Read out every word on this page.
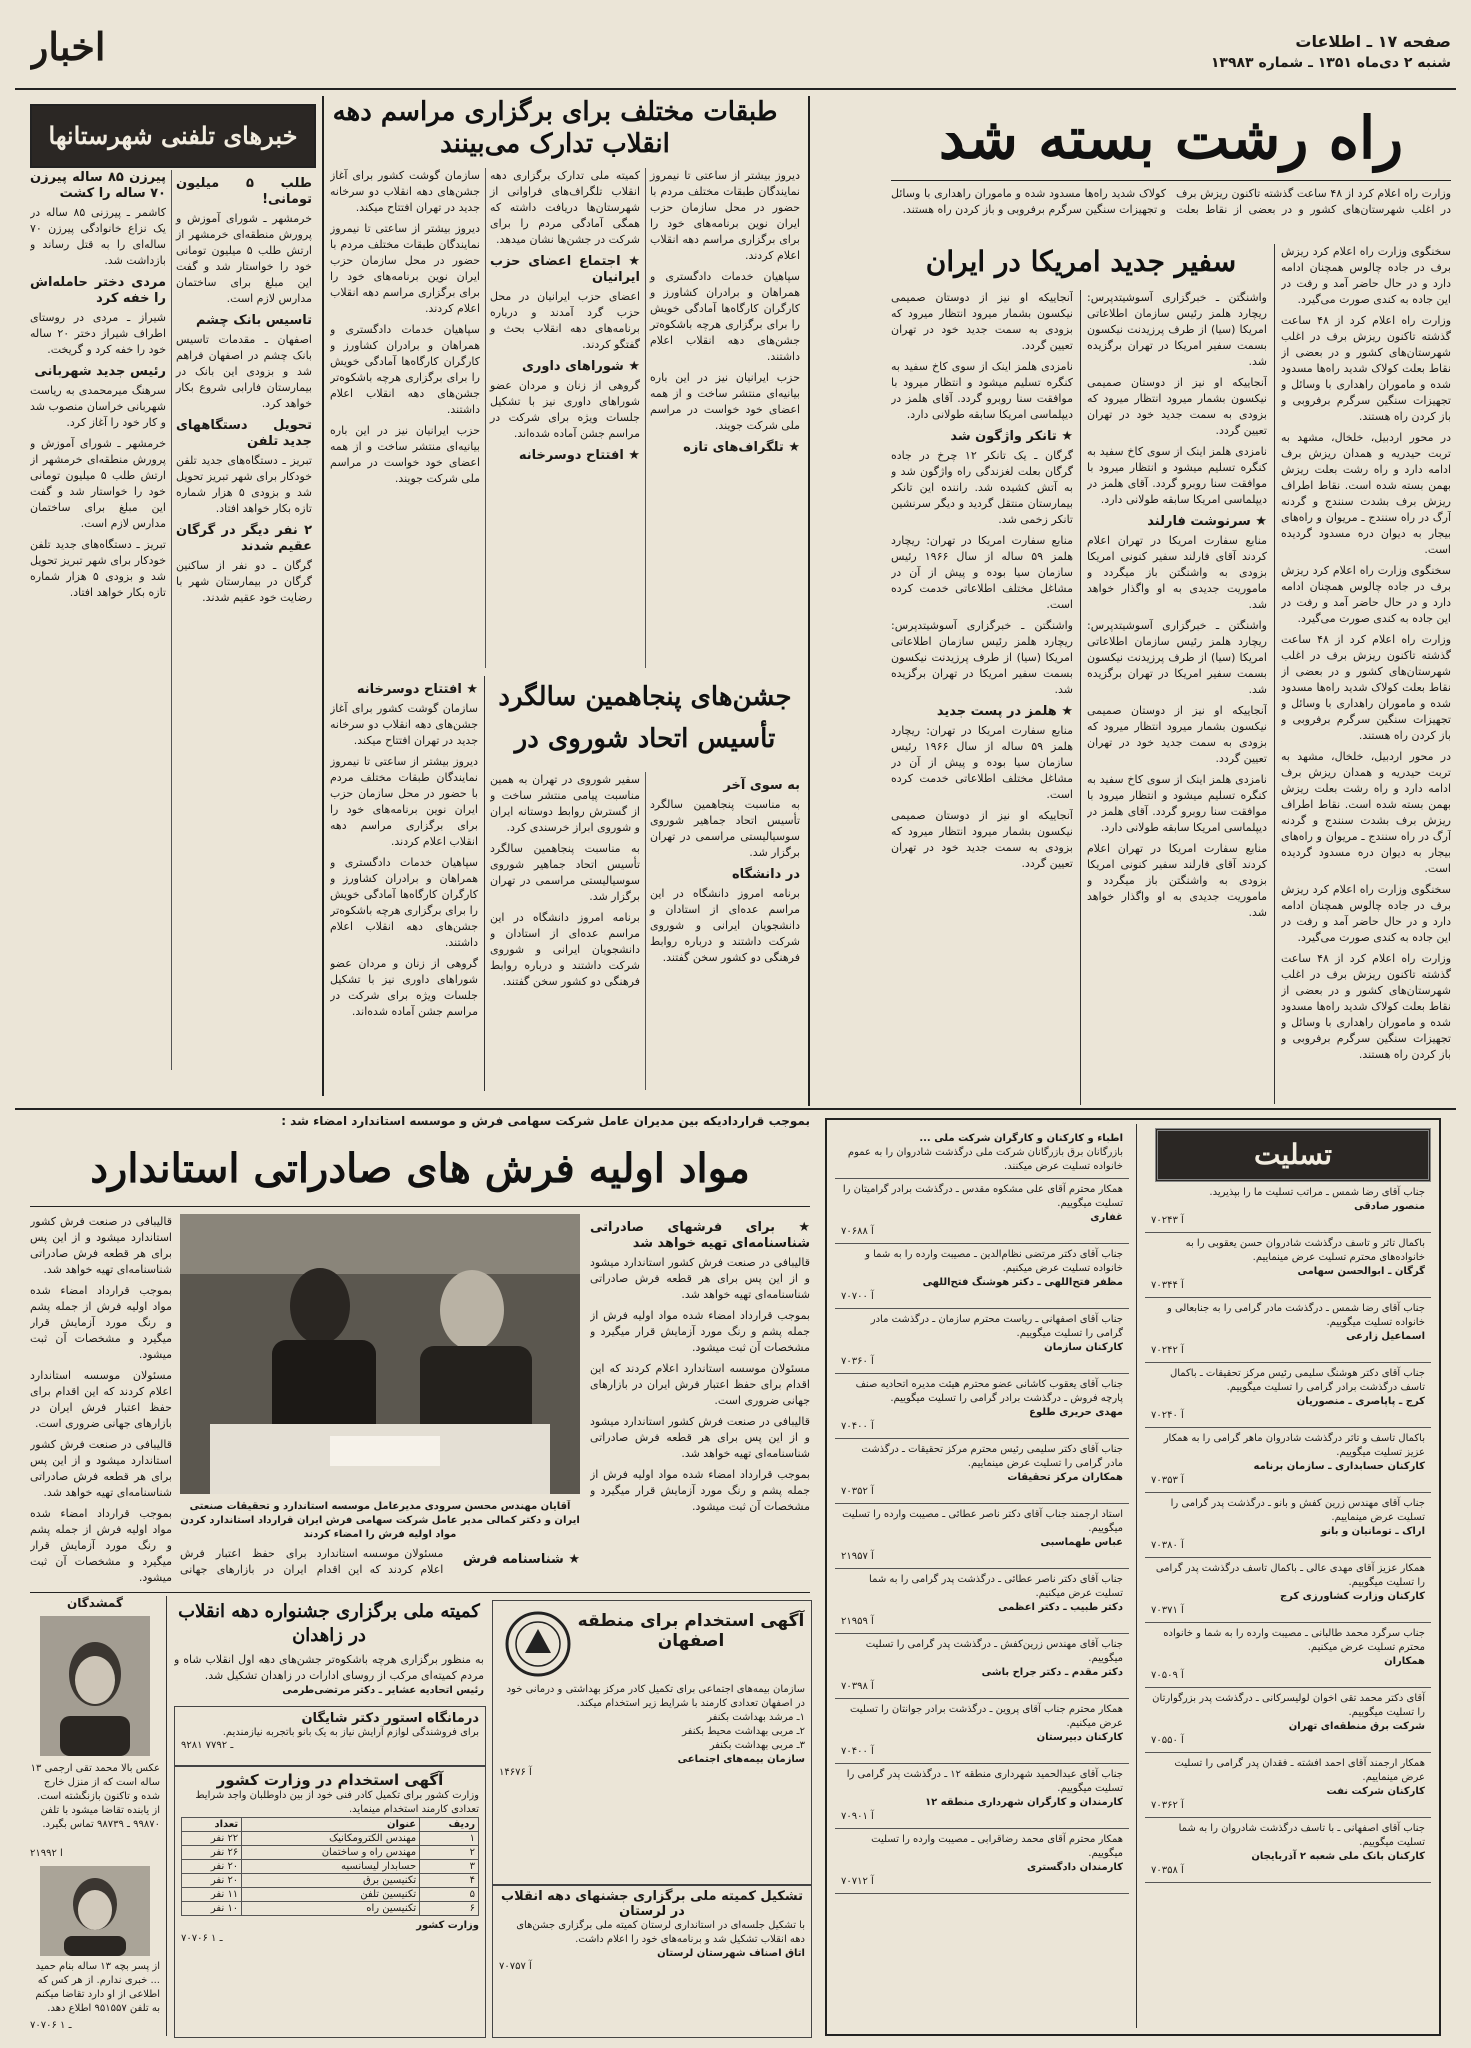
صفحه ۱۷ ـ اطلاعات
شنبه ۲ دی‌ماه ۱۳۵۱ ـ شماره ۱۳۹۸۳
اخبار
راه رشت بسته شد

وزارت راه اعلام کرد از ۴۸ ساعت گذشته تاکنون ریزش برف در اغلب شهرستان‌های کشور و در بعضی از نقاط بعلت کولاک شدید راه‌ها مسدود شده و ماموران راهداری با وسائل و تجهیزات سنگین سرگرم برفروبی و باز کردن راه هستند.

سفیر جدید امریکا در ایران	سخنگوی وزارت راه اعلام کرد ریزش برف در جاده چالوس همچنان ادامه دارد و در حال حاضر آمد و رفت در این جاده به کندی صورت می‌گیرد.

وزارت راه اعلام کرد از ۴۸ ساعت گذشته تاکنون ریزش برف در اغلب شهرستان‌های کشور و در بعضی از نقاط بعلت کولاک شدید راه‌ها مسدود شده و ماموران راهداری با وسائل و تجهیزات سنگین سرگرم برفروبی و باز کردن راه هستند.

در محور اردبیل، خلخال، مشهد به تربت حیدریه و همدان ریزش برف ادامه دارد و راه رشت بعلت ریزش بهمن بسته شده است. نقاط اطراف ریزش برف بشدت سنندج و گردنه آرگ در راه سنندج ـ مریوان و راه‌های بیجار به دیوان دره مسدود گردیده است.

سخنگوی وزارت راه اعلام کرد ریزش برف در جاده چالوس همچنان ادامه دارد و در حال حاضر آمد و رفت در این جاده به کندی صورت می‌گیرد.

وزارت راه اعلام کرد از ۴۸ ساعت گذشته تاکنون ریزش برف در اغلب شهرستان‌های کشور و در بعضی از نقاط بعلت کولاک شدید راه‌ها مسدود شده و ماموران راهداری با وسائل و تجهیزات سنگین سرگرم برفروبی و باز کردن راه هستند.

در محور اردبیل، خلخال، مشهد به تربت حیدریه و همدان ریزش برف ادامه دارد و راه رشت بعلت ریزش بهمن بسته شده است. نقاط اطراف ریزش برف بشدت سنندج و گردنه آرگ در راه سنندج ـ مریوان و راه‌های بیجار به دیوان دره مسدود گردیده است.

سخنگوی وزارت راه اعلام کرد ریزش برف در جاده چالوس همچنان ادامه دارد و در حال حاضر آمد و رفت در این جاده به کندی صورت می‌گیرد.

وزارت راه اعلام کرد از ۴۸ ساعت گذشته تاکنون ریزش برف در اغلب شهرستان‌های کشور و در بعضی از نقاط بعلت کولاک شدید راه‌ها مسدود شده و ماموران راهداری با وسائل و تجهیزات سنگین سرگرم برفروبی و باز کردن راه هستند.

واشنگتن ـ خبرگزاری آسوشیتدپرس: ریچارد هلمز رئیس سازمان اطلاعاتی امریکا (سیا) از طرف پرزیدنت نیکسون بسمت سفیر امریکا در تهران برگزیده شد.

آنجاییکه او نیز از دوستان صمیمی نیکسون بشمار میرود انتظار میرود که بزودی به سمت جدید خود در تهران تعیین گردد.

نامزدی هلمز اینک از سوی کاخ سفید به کنگره تسلیم میشود و انتظار میرود با موافقت سنا روبرو گردد. آقای هلمز در دیپلماسی امریکا سابقه طولانی دارد.

★ سرنوشت فارلند

منابع سفارت امریکا در تهران اعلام کردند آقای فارلند سفیر کنونی امریکا بزودی به واشنگتن باز میگردد و ماموریت جدیدی به او واگذار خواهد شد.

واشنگتن ـ خبرگزاری آسوشیتدپرس: ریچارد هلمز رئیس سازمان اطلاعاتی امریکا (سیا) از طرف پرزیدنت نیکسون بسمت سفیر امریکا در تهران برگزیده شد.

آنجاییکه او نیز از دوستان صمیمی نیکسون بشمار میرود انتظار میرود که بزودی به سمت جدید خود در تهران تعیین گردد.

نامزدی هلمز اینک از سوی کاخ سفید به کنگره تسلیم میشود و انتظار میرود با موافقت سنا روبرو گردد. آقای هلمز در دیپلماسی امریکا سابقه طولانی دارد.

منابع سفارت امریکا در تهران اعلام کردند آقای فارلند سفیر کنونی امریکا بزودی به واشنگتن باز میگردد و ماموریت جدیدی به او واگذار خواهد شد.

آنجاییکه او نیز از دوستان صمیمی نیکسون بشمار میرود انتظار میرود که بزودی به سمت جدید خود در تهران تعیین گردد.

نامزدی هلمز اینک از سوی کاخ سفید به کنگره تسلیم میشود و انتظار میرود با موافقت سنا روبرو گردد. آقای هلمز در دیپلماسی امریکا سابقه طولانی دارد.

★ تانکر واژگون شد

گرگان ـ یک تانکر ۱۲ چرخ در جاده گرگان بعلت لغزندگی راه واژگون شد و به آتش کشیده شد. راننده این تانکر بیمارستان منتقل گردید و دیگر سرنشین تانکر زخمی شد.

منابع سفارت امریکا در تهران: ریچارد هلمز ۵۹ ساله از سال ۱۹۶۶ رئیس سازمان سیا بوده و پیش از آن در مشاغل مختلف اطلاعاتی خدمت کرده است.

واشنگتن ـ خبرگزاری آسوشیتدپرس: ریچارد هلمز رئیس سازمان اطلاعاتی امریکا (سیا) از طرف پرزیدنت نیکسون بسمت سفیر امریکا در تهران برگزیده شد.

★ هلمز در پست جدید

منابع سفارت امریکا در تهران: ریچارد هلمز ۵۹ ساله از سال ۱۹۶۶ رئیس سازمان سیا بوده و پیش از آن در مشاغل مختلف اطلاعاتی خدمت کرده است.

آنجاییکه او نیز از دوستان صمیمی نیکسون بشمار میرود انتظار میرود که بزودی به سمت جدید خود در تهران تعیین گردد.

طبقات مختلف برای برگزاری مراسم دهه انقلاب تدارک می‌بینند

دیروز بیشتر از ساعتی تا نیمروز نمایندگان طبقات مختلف مردم با حضور در محل سازمان حزب ایران نوین برنامه‌های خود را برای برگزاری مراسم دهه انقلاب اعلام کردند.

سپاهیان خدمات دادگستری و همراهان و برادران کشاورز و کارگران کارگاه‌ها آمادگی خویش را برای برگزاری هرچه باشکوه‌تر جشن‌های دهه انقلاب اعلام داشتند.

حزب ایرانیان نیز در این باره بیانیه‌ای منتشر ساخت و از همه اعضای خود خواست در مراسم ملی شرکت جویند.

★ تلگراف‌های تازه

کمیته ملی تدارک برگزاری دهه انقلاب تلگراف‌های فراوانی از شهرستان‌ها دریافت داشته که همگی آمادگی مردم را برای شرکت در جشن‌ها نشان میدهد.

★ اجتماع اعضای حزب ایرانیان

اعضای حزب ایرانیان در محل حزب گرد آمدند و درباره برنامه‌های دهه انقلاب بحث و گفتگو کردند.

★ شوراهای داوری

گروهی از زنان و مردان عضو شوراهای داوری نیز با تشکیل جلسات ویژه برای شرکت در مراسم جشن آماده شده‌اند.

★ افتتاح دوسرخانه

سازمان گوشت کشور برای آغاز جشن‌های دهه انقلاب دو سرخانه جدید در تهران افتتاح میکند.

دیروز بیشتر از ساعتی تا نیمروز نمایندگان طبقات مختلف مردم با حضور در محل سازمان حزب ایران نوین برنامه‌های خود را برای برگزاری مراسم دهه انقلاب اعلام کردند.

سپاهیان خدمات دادگستری و همراهان و برادران کشاورز و کارگران کارگاه‌ها آمادگی خویش را برای برگزاری هرچه باشکوه‌تر جشن‌های دهه انقلاب اعلام داشتند.

حزب ایرانیان نیز در این باره بیانیه‌ای منتشر ساخت و از همه اعضای خود خواست در مراسم ملی شرکت جویند.

جشن‌های پنجاهمین سالگرد تأسیس اتحاد شوروی در
به سوی آخر

به مناسبت پنجاهمین سالگرد تأسیس اتحاد جماهیر شوروی سوسیالیستی مراسمی در تهران برگزار شد.

در دانشگاه

برنامه امروز دانشگاه در این مراسم عده‌ای از استادان و دانشجویان ایرانی و شوروی شرکت داشتند و درباره روابط فرهنگی دو کشور سخن گفتند.

سفیر شوروی در تهران به همین مناسبت پیامی منتشر ساخت و از گسترش روابط دوستانه ایران و شوروی ابراز خرسندی کرد.

به مناسبت پنجاهمین سالگرد تأسیس اتحاد جماهیر شوروی سوسیالیستی مراسمی در تهران برگزار شد.

برنامه امروز دانشگاه در این مراسم عده‌ای از استادان و دانشجویان ایرانی و شوروی شرکت داشتند و درباره روابط فرهنگی دو کشور سخن گفتند.

★ افتتاح دوسرخانه

سازمان گوشت کشور برای آغاز جشن‌های دهه انقلاب دو سرخانه جدید در تهران افتتاح میکند.

دیروز بیشتر از ساعتی تا نیمروز نمایندگان طبقات مختلف مردم با حضور در محل سازمان حزب ایران نوین برنامه‌های خود را برای برگزاری مراسم دهه انقلاب اعلام کردند.

سپاهیان خدمات دادگستری و همراهان و برادران کشاورز و کارگران کارگاه‌ها آمادگی خویش را برای برگزاری هرچه باشکوه‌تر جشن‌های دهه انقلاب اعلام داشتند.

گروهی از زنان و مردان عضو شوراهای داوری نیز با تشکیل جلسات ویژه برای شرکت در مراسم جشن آماده شده‌اند.

خبرهای تلفنی شهرستانها
طلب ۵ میلیون تومانی!

خرمشهر ـ شورای آموزش و پرورش منطقه‌ای خرمشهر از ارتش طلب ۵ میلیون تومانی خود را خواستار شد و گفت این مبلغ برای ساختمان مدارس لازم است.

تاسیس بانک چشم

اصفهان ـ مقدمات تاسیس بانک چشم در اصفهان فراهم شد و بزودی این بانک در بیمارستان فارابی شروع بکار خواهد کرد.

تحویل دستگاههای جدید تلفن

تبریز ـ دستگاه‌های جدید تلفن خودکار برای شهر تبریز تحویل شد و بزودی ۵ هزار شماره تازه بکار خواهد افتاد.

۲ نفر دیگر در گرگان عقیم شدند

گرگان ـ دو نفر از ساکنین گرگان در بیمارستان شهر با رضایت خود عقیم شدند.

پیرزن ۸۵ ساله پیرزن ۷۰ ساله را کشت

کاشمر ـ پیرزنی ۸۵ ساله در یک نزاع خانوادگی پیرزن ۷۰ ساله‌ای را به قتل رساند و بازداشت شد.

مردی دختر حامله‌اش را خفه کرد

شیراز ـ مردی در روستای اطراف شیراز دختر ۲۰ ساله خود را خفه کرد و گریخت.

رئیس جدید شهربانی

سرهنگ میرمحمدی به ریاست شهربانی خراسان منصوب شد و کار خود را آغاز کرد.

خرمشهر ـ شورای آموزش و پرورش منطقه‌ای خرمشهر از ارتش طلب ۵ میلیون تومانی خود را خواستار شد و گفت این مبلغ برای ساختمان مدارس لازم است.

تبریز ـ دستگاه‌های جدید تلفن خودکار برای شهر تبریز تحویل شد و بزودی ۵ هزار شماره تازه بکار خواهد افتاد.

تسلیت
جناب آقای رضا شمس ـ مراتب تسلیت ما را بپذیرید.
منصور صادقی
۷۰۲۴۳ آ
باکمال تاثر و تاسف درگذشت شادروان حسن یعقوبی را به خانواده‌های محترم تسلیت عرض مینماییم.
گرگان ـ ابوالحسن سهامی
۷۰۳۴۴ آ
جناب آقای رضا شمس ـ درگذشت مادر گرامی را به جنابعالی و خانواده تسلیت میگوییم.
اسماعیل زارعی
۷۰۲۴۲ آ
جناب آقای دکتر هوشنگ سلیمی رئیس مرکز تحقیقات ـ باکمال تاسف درگذشت برادر گرامی را تسلیت میگوییم.
کرج ـ پاپاصری ـ منصوریان
۷۰۲۴۰ آ
باکمال تاسف و تاثر درگذشت شادروان ماهر گرامی را به همکار عزیز تسلیت میگوییم.
کارکنان حسابداری ـ سازمان برنامه
۷۰۳۵۳ آ
جناب آقای مهندس زرین کفش و بانو ـ درگذشت پدر گرامی را تسلیت عرض مینماییم.
اراک ـ تومانیان و بانو
۷۰۳۸۰ آ
همکار عزیز آقای مهدی عالی ـ باکمال تاسف درگذشت پدر گرامی را تسلیت میگوییم.
کارکنان وزارت کشاورزی کرج
۷۰۳۷۱ آ
جناب سرگرد محمد طالبانی ـ مصیبت وارده را به شما و خانواده محترم تسلیت عرض میکنیم.
همکاران
۷۰۵۰۹ آ
آقای دکتر محمد تقی اخوان لولیسرکانی ـ درگذشت پدر بزرگوارتان را تسلیت میگوییم.
شرکت برق منطقه‌ای تهران
۷۰۵۵۰ آ
همکار ارجمند آقای احمد افشته ـ فقدان پدر گرامی را تسلیت عرض مینماییم.
کارکنان شرکت نفت
۷۰۳۶۲ آ
جناب آقای اصفهانی ـ با تاسف درگذشت شادروان را به شما تسلیت میگوییم.
کارکنان بانک ملی شعبه ۲ آذربایجان
۷۰۳۵۸ آ
اطباء و کارکنان و کارگران شرکت ملی ...
بازرگانان برق بازرگانان شرکت ملی درگذشت شادروان را به عموم خانواده تسلیت عرض میکنند.
همکار محترم آقای علی مشکوه مقدس ـ درگذشت برادر گرامیتان را تسلیت میگوییم.
غفاری
۷۰۶۸۸ آ
جناب آقای دکتر مرتضی نظام‌الدین ـ مصیبت وارده را به شما و خانواده تسلیت عرض میکنیم.
مظفر فتح‌اللهی ـ دکتر هوشنگ فتح‌اللهی
۷۰۷۰۰ آ
جناب آقای اصفهانی ـ ریاست محترم سازمان ـ درگذشت مادر گرامی را تسلیت میگوییم.
کارکنان سازمان
۷۰۳۶۰ آ
جناب آقای یعقوب کاشانی عضو محترم هیئت مدیره اتحادیه صنف پارچه فروش ـ درگذشت برادر گرامی را تسلیت میگوییم.
مهدی حریری طلوع
۷۰۴۰۰ آ
جناب آقای دکتر سلیمی رئیس محترم مرکز تحقیقات ـ درگذشت مادر گرامی را تسلیت عرض مینماییم.
همکاران مرکز تحقیقات
۷۰۳۵۲ آ
استاد ارجمند جناب آقای دکتر ناصر عطائی ـ مصیبت وارده را تسلیت میگوییم.
عباس طهماسبی
۲۱۹۵۷ آ
جناب آقای دکتر ناصر عطائی ـ درگذشت پدر گرامی را به شما تسلیت عرض میکنیم.
دکتر طبیب ـ دکتر اعظمی
۲۱۹۵۹ آ
جناب آقای مهندس زرین‌کفش ـ درگذشت پدر گرامی را تسلیت میگوییم.
دکتر مقدم ـ دکتر جراح باشی
۷۰۳۹۸ آ
همکار محترم جناب آقای پروین ـ درگذشت برادر جوانتان را تسلیت عرض میکنیم.
کارکنان دبیرستان
۷۰۴۰۰ آ
جناب آقای عبدالحمید شهرداری منطقه ۱۲ ـ درگذشت پدر گرامی را تسلیت میگوییم.
کارمندان و کارگران شهرداری منطقه ۱۲
۷۰۹۰۱ آ
همکار محترم آقای محمد رضاقرابی ـ مصیبت وارده را تسلیت میگوییم.
کارمندان دادگستری
۷۰۷۱۲ آ
بموجب قرارداد‌یکه بین مدیران عامل شرکت سهامی فرش و موسسه استاندارد امضاء شد :
مواد اولیه فرش های صادراتی استاندارد
آقایان مهندس محسن سرودی مدیرعامل موسسه استاندارد و تحقیقات صنعتی ایران و دکتر کمالی مدیر عامل شرکت سهامی فرش ایران قرارداد استاندارد کردن مواد اولیه فرش را امضاء کردند

قالیبافی در صنعت فرش کشور استاندارد میشود و از این پس برای هر قطعه فرش صادراتی شناسنامه‌ای تهیه خواهد شد.

بموجب قرارداد امضاء شده مواد اولیه فرش از جمله پشم و رنگ مورد آزمایش قرار میگیرد و مشخصات آن ثبت میشود.

مسئولان موسسه استاندارد اعلام کردند که این اقدام برای حفظ اعتبار فرش ایران در بازارهای جهانی ضروری است.

قالیبافی در صنعت فرش کشور استاندارد میشود و از این پس برای هر قطعه فرش صادراتی شناسنامه‌ای تهیه خواهد شد.

بموجب قرارداد امضاء شده مواد اولیه فرش از جمله پشم و رنگ مورد آزمایش قرار میگیرد و مشخصات آن ثبت میشود.

★ برای فرشهای صادراتی شناسنامه‌ای تهیه خواهد شد

قالیبافی در صنعت فرش کشور استاندارد میشود و از این پس برای هر قطعه فرش صادراتی شناسنامه‌ای تهیه خواهد شد.

بموجب قرارداد امضاء شده مواد اولیه فرش از جمله پشم و رنگ مورد آزمایش قرار میگیرد و مشخصات آن ثبت میشود.

مسئولان موسسه استاندارد اعلام کردند که این اقدام برای حفظ اعتبار فرش ایران در بازارهای جهانی ضروری است.

قالیبافی در صنعت فرش کشور استاندارد میشود و از این پس برای هر قطعه فرش صادراتی شناسنامه‌ای تهیه خواهد شد.

بموجب قرارداد امضاء شده مواد اولیه فرش از جمله پشم و رنگ مورد آزمایش قرار میگیرد و مشخصات آن ثبت میشود.

★ شناسنامه فرش

مسئولان موسسه استاندارد اعلام کردند که این اقدام برای حفظ اعتبار فرش ایران در بازارهای جهانی

کمیته ملی برگزاری جشنواره دهه انقلاب در زاهدان
به منظور برگزاری هرچه باشکوه‌تر جشن‌های دهه اول انقلاب شاه و مردم کمیته‌ای مرکب از روسای ادارات در زاهدان تشکیل شد.
رئیس اتحادیه عشایر ـ دکتر مرتضی‌طرمی
درمانگاه استور دکتر شایگان
برای فروشندگی لوازم آرایش نیاز به یک بانو باتجربه نیازمندیم.
۹۲۸۱ ـ ۷۷۹۲
آگهی استخدام در وزارت کشور
وزارت کشور برای تکمیل کادر فنی خود از بین داوطلبان واجد شرایط تعدادی کارمند استخدام مینماید.
ردیف	عنوان	تعداد
۱	مهندس الکترومکانیک	۲۲ نفر
۲	مهندس راه و ساختمان	۲۶ نفر
۳	حسابدار لیسانسیه	۲۰ نفر
۴	تکنیسین برق	۲۰ نفر
۵	تکنیسین تلفن	۱۱ نفر
۶	تکنیسین راه	۱۰ نفر
وزارت کشور
۷۰۷۰۶ ـ ۱
آگهی استخدام برای منطقه اصفهان
سازمان بیمه‌های اجتماعی برای تکمیل کادر مرکز بهداشتی و درمانی خود در اصفهان تعدادی کارمند با شرایط زیر استخدام میکند.
۱ـ مرشد بهداشت بکنفر
۲ـ مربی بهداشت محیط بکنفر
۳ـ مربی بهداشت بکنفر
سازمان بیمه‌های اجتماعی
۱۴۶۷۶ آ
تشکیل کمیته ملی برگزاری جشنهای دهه انقلاب در لرستان
با تشکیل جلسه‌ای در استانداری لرستان کمیته ملی برگزاری جشن‌های دهه انقلاب تشکیل شد و برنامه‌های خود را اعلام داشت.
اتاق اصناف شهرستان لرستان
۷۰۷۵۷ آ
گمشدگان
عکس بالا محمد تقی ارجمی ۱۳ ساله است که از منزل خارج شده و تاکنون بازنگشته است. از یابنده تقاضا میشود با تلفن ۹۹۸۷۰ ـ ۹۸۷۳۹ تماس بگیرد.
۲۱۹۹۲ آ
از پسر بچه ۱۳ ساله بنام حمید ... خبری ندارم. از هر کس که اطلاعی از او دارد تقاضا میکنم به تلفن ۹۵۱۵۵۷ اطلاع دهد.
۷۰۷۰۶ ـ ۱
